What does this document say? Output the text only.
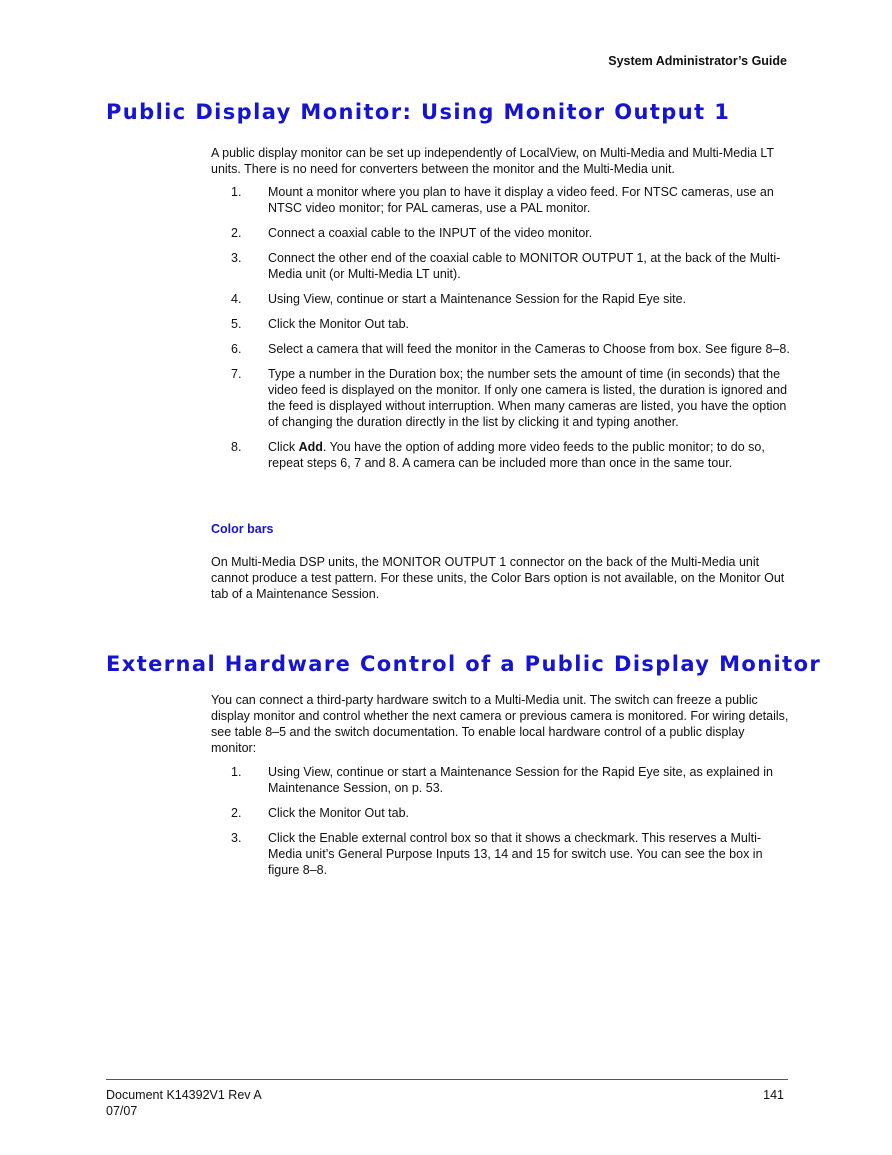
System Administrator’s Guide
Public Display Monitor: Using Monitor Output 1

A public display monitor can be set up independently of LocalView, on Multi-Media and Multi-Media LT units. There is no need for converters between the monitor and the Multi-Media unit.

1. Mount a monitor where you plan to have it display a video feed. For NTSC cameras, use an NTSC video monitor; for PAL cameras, use a PAL monitor.
2. Connect a coaxial cable to the INPUT of the video monitor.
3. Connect the other end of the coaxial cable to MONITOR OUTPUT 1, at the back of the Multi-Media unit (or Multi-Media LT unit).
4. Using View, continue or start a Maintenance Session for the Rapid Eye site.
5. Click the Monitor Out tab.
6. Select a camera that will feed the monitor in the Cameras to Choose from box. See figure 8–8.
7. Type a number in the Duration box; the number sets the amount of time (in seconds) that the video feed is displayed on the monitor. If only one camera is listed, the duration is ignored and the feed is displayed without interruption. When many cameras are listed, you have the option of changing the duration directly in the list by clicking it and typing another.
8. Click Add. You have the option of adding more video feeds to the public monitor; to do so, repeat steps 6, 7 and 8. A camera can be included more than once in the same tour.
Color bars

On Multi-Media DSP units, the MONITOR OUTPUT 1 connector on the back of the Multi-Media unit cannot produce a test pattern. For these units, the Color Bars option is not available, on the Monitor Out tab of a Maintenance Session.

External Hardware Control of a Public Display Monitor

You can connect a third-party hardware switch to a Multi-Media unit. The switch can freeze a public display monitor and control whether the next camera or previous camera is monitored. For wiring details, see table 8–5 and the switch documentation. To enable local hardware control of a public display monitor:

1. Using View, continue or start a Maintenance Session for the Rapid Eye site, as explained in Maintenance Session, on p. 53.
2. Click the Monitor Out tab.
3. Click the Enable external control box so that it shows a checkmark. This reserves a Multi-Media unit’s General Purpose Inputs 13, 14 and 15 for switch use. You can see the box in figure 8–8.
Document K14392V1 Rev A
07/07
141
